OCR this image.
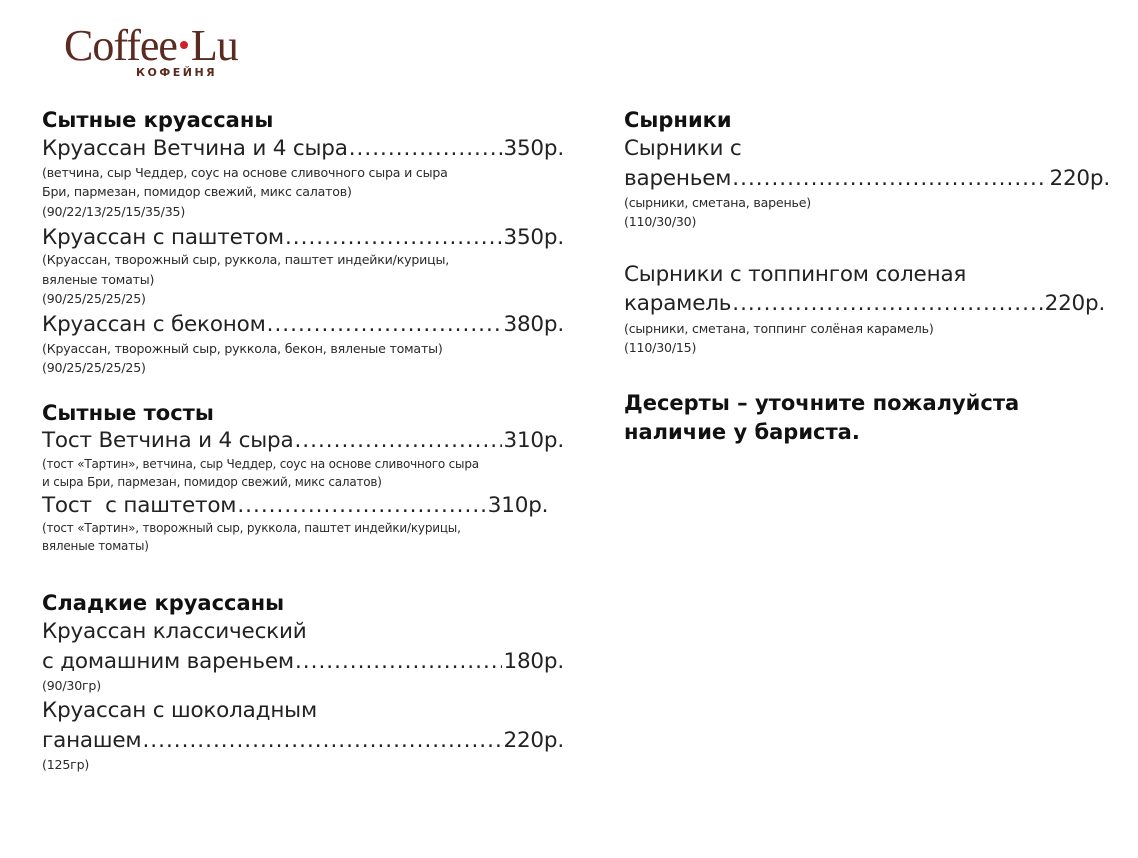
Coffee Lu
КОФЕЙНЯ
Сытные круассаны
Круассан Ветчина и 4 сыра .....	350р.
(ветчина, сыр Чеддер, соус на основе сливочного сыра и сыра
Бри, пармезан, помидор свежий, микс салатов)
(90/22/13/25/15/35/35)
Круассан с паштетом .....	350р.
(Круассан, творожный сыр, руккола, паштет индейки/курицы,
вяленые томаты)
(90/25/25/25/25)
Круассан с беконом .....	380р.
(Круассан, творожный сыр, руккола, бекон, вяленые томаты)
(90/25/25/25/25)
Сытные тосты
Тост Ветчина и 4 сыра .....	310р.
(тост «Тартин», ветчина, сыр Чеддер, соус на основе сливочного сыра
и сыра Бри, пармезан, помидор свежий, микс салатов)
Тост  с паштетом .....	310р.
(тост «Тартин», творожный сыр, руккола, паштет индейки/курицы,
вяленые томаты)
Сладкие круассаны
Круассан классический
с домашним вареньем .....	180р.
(90/30гр)
Круассан с шоколадным
ганашем .....	220р.
(125гр)
Сырники
Сырники с
вареньем .....	220р.
(сырники, сметана, варенье)
(110/30/30)
Сырники с топпингом соленая
карамель .....	220р.
(сырники, сметана, топпинг солёная карамель)
(110/30/15)
Десерты – уточните пожалуйста
наличие у бариста.
